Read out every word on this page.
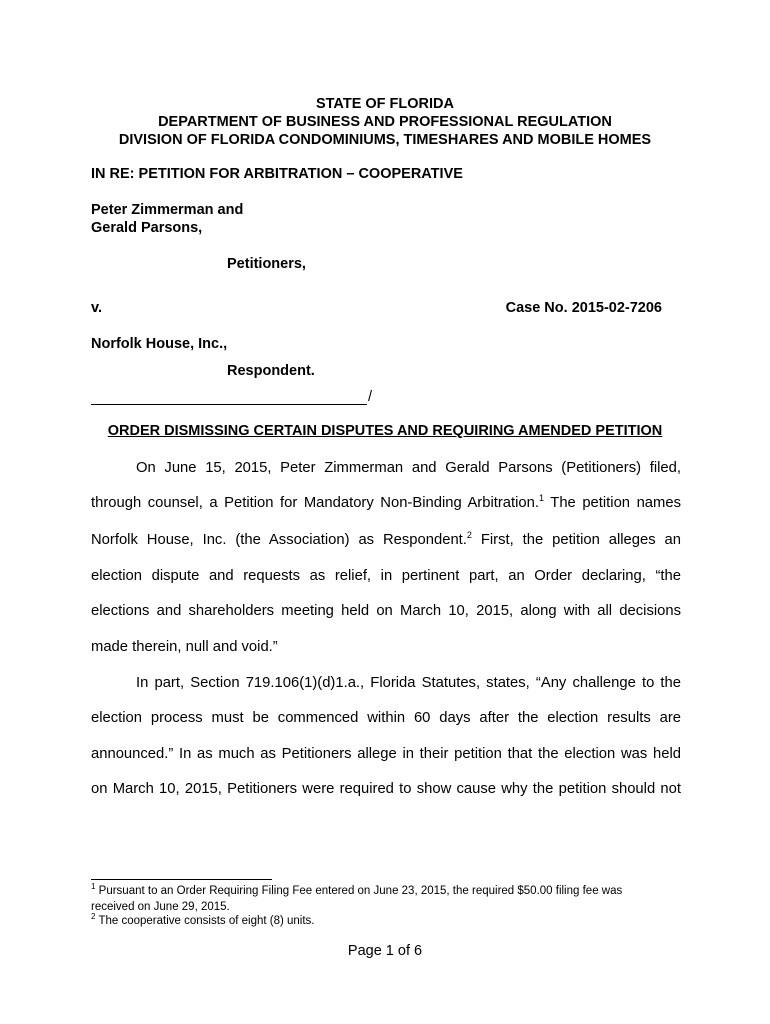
STATE OF FLORIDA
DEPARTMENT OF BUSINESS AND PROFESSIONAL REGULATION
DIVISION OF FLORIDA CONDOMINIUMS, TIMESHARES AND MOBILE HOMES
IN RE: PETITION FOR ARBITRATION – COOPERATIVE
Peter Zimmerman and
Gerald Parsons,
Petitioners,
v.	Case No. 2015-02-7206
Norfolk House, Inc.,
Respondent.
/
ORDER DISMISSING CERTAIN DISPUTES AND REQUIRING AMENDED PETITION
On June 15, 2015, Peter Zimmerman and Gerald Parsons (Petitioners) filed,
through counsel, a Petition for Mandatory Non-Binding Arbitration.$^1$ The petition names
Norfolk House, Inc. (the Association) as Respondent.$^2$ First, the petition alleges an
election dispute and requests as relief, in pertinent part, an Order declaring, “the
elections and shareholders meeting held on March 10, 2015, along with all decisions
made therein, null and void.”
In part, Section 719.106(1)(d)1.a., Florida Statutes, states, “Any challenge to the
election process must be commenced within 60 days after the election results are
announced.” In as much as Petitioners allege in their petition that the election was held
on March 10, 2015, Petitioners were required to show cause why the petition should not
$^1$ Pursuant to an Order Requiring Filing Fee entered on June 23, 2015, the required $50.00 filing fee was
received on June 29, 2015.
$^2$ The cooperative consists of eight (8) units.
Page 1 of 6
